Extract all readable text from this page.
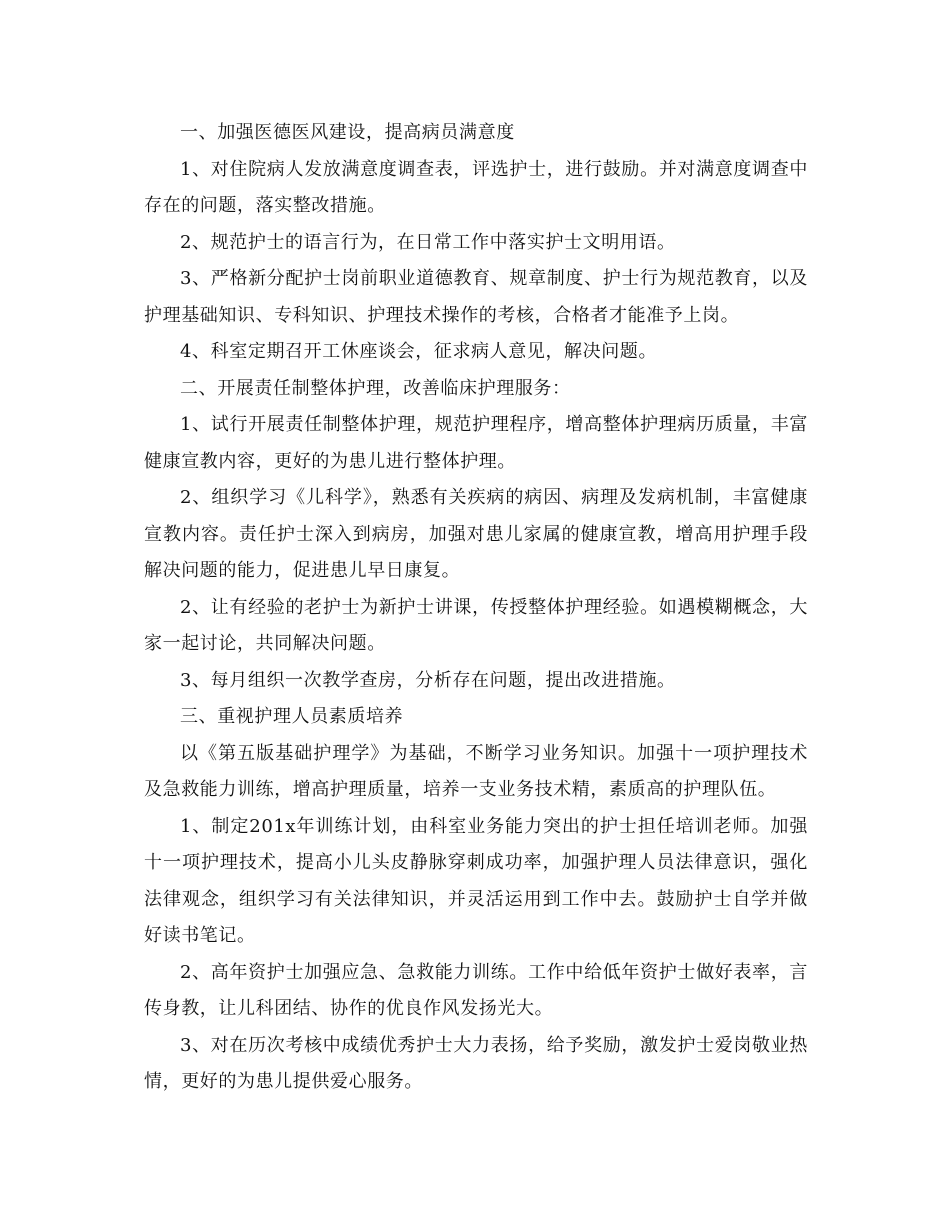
一、加强医德医风建设，提高病员满意度

1、对住院病人发放满意度调查表，评选护士，进行鼓励。并对满意度调查中存在的问题，落实整改措施。

2、规范护士的语言行为，在日常工作中落实护士文明用语。

3、严格新分配护士岗前职业道德教育、规章制度、护士行为规范教育，以及护理基础知识、专科知识、护理技术操作的考核，合格者才能准予上岗。

4、科室定期召开工休座谈会，征求病人意见，解决问题。

二、开展责任制整体护理，改善临床护理服务：

1、试行开展责任制整体护理，规范护理程序，增高整体护理病历质量，丰富健康宣教内容，更好的为患儿进行整体护理。

2、组织学习《儿科学》，熟悉有关疾病的病因、病理及发病机制，丰富健康宣教内容。责任护士深入到病房，加强对患儿家属的健康宣教，增高用护理手段解决问题的能力，促进患儿早日康复。

2、让有经验的老护士为新护士讲课，传授整体护理经验。如遇模糊概念，大家一起讨论，共同解决问题。

3、每月组织一次教学查房，分析存在问题，提出改进措施。

三、重视护理人员素质培养

以《第五版基础护理学》为基础，不断学习业务知识。加强十一项护理技术及急救能力训练，增高护理质量，培养一支业务技术精，素质高的护理队伍。

1、制定201x年训练计划，由科室业务能力突出的护士担任培训老师。加强十一项护理技术，提高小儿头皮静脉穿刺成功率，加强护理人员法律意识，强化法律观念，组织学习有关法律知识，并灵活运用到工作中去。鼓励护士自学并做好读书笔记。

2、高年资护士加强应急、急救能力训练。工作中给低年资护士做好表率，言传身教，让儿科团结、协作的优良作风发扬光大。

3、对在历次考核中成绩优秀护士大力表扬，给予奖励，激发护士爱岗敬业热情，更好的为患儿提供爱心服务。
